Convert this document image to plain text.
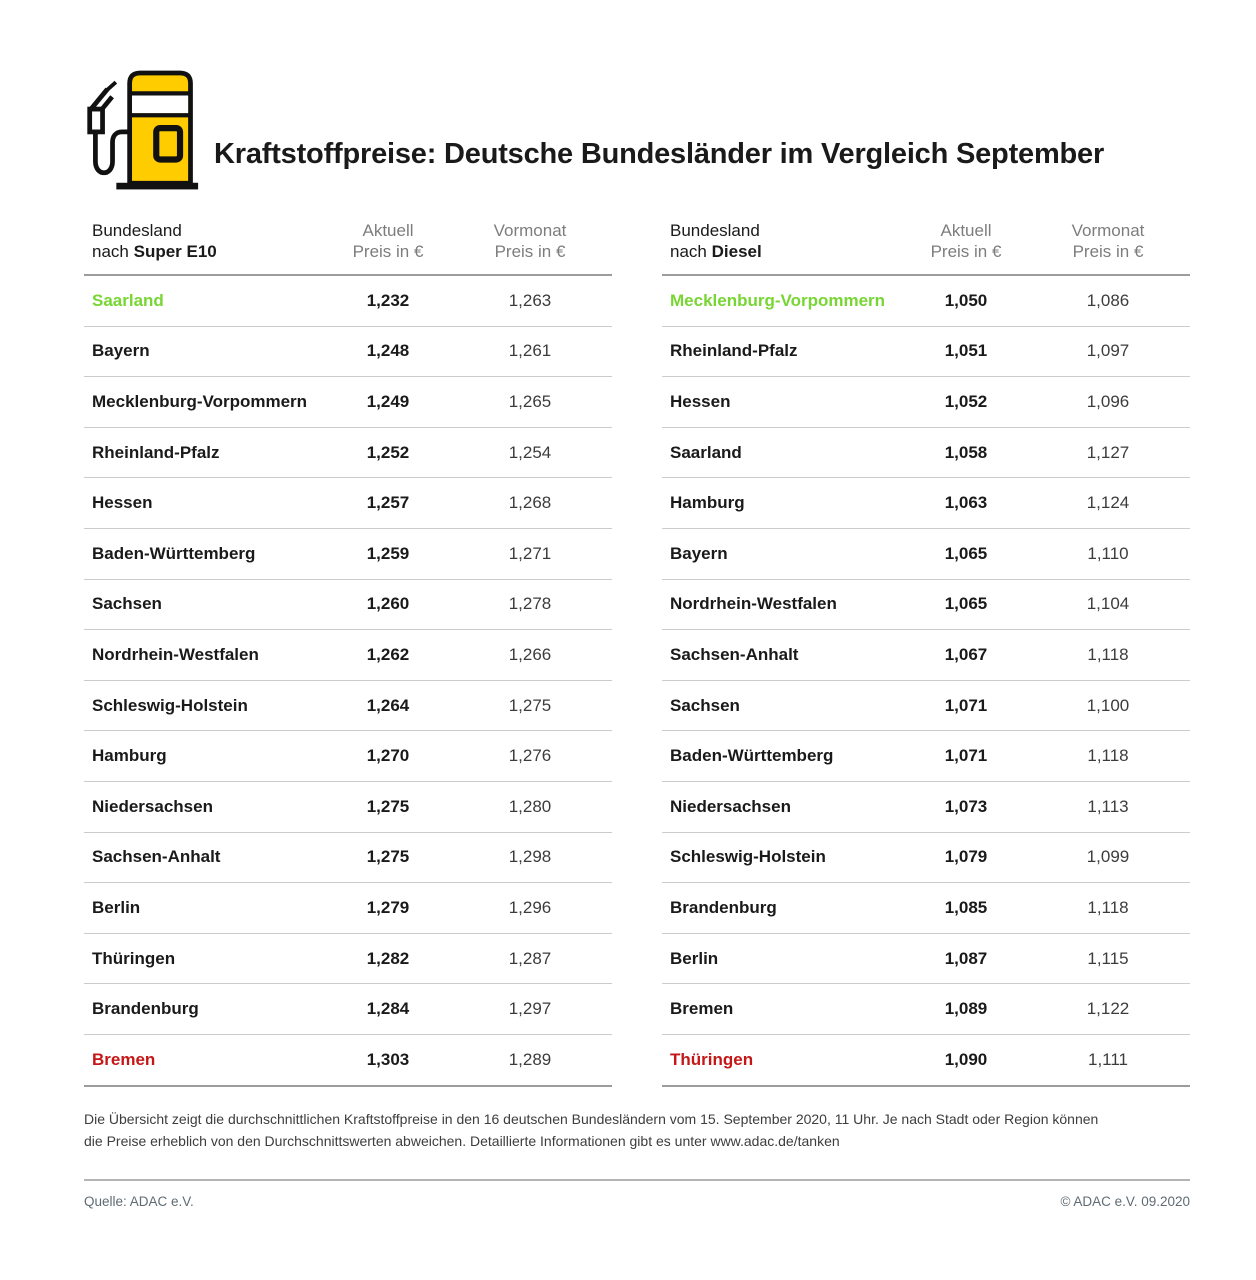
Kraftstoffpreise: Deutsche Bundesländer im Vergleich September
Bundesland
nach Super E10
Aktuell
Preis in €
Vormonat
Preis in €
Saarland	1,232	1,263
Bayern	1,248	1,261
Mecklenburg-Vorpommern	1,249	1,265
Rheinland-Pfalz	1,252	1,254
Hessen	1,257	1,268
Baden-Württemberg	1,259	1,271
Sachsen	1,260	1,278
Nordrhein-Westfalen	1,262	1,266
Schleswig-Holstein	1,264	1,275
Hamburg	1,270	1,276
Niedersachsen	1,275	1,280
Sachsen-Anhalt	1,275	1,298
Berlin	1,279	1,296
Thüringen	1,282	1,287
Brandenburg	1,284	1,297
Bremen	1,303	1,289
Bundesland
nach Diesel
Aktuell
Preis in €
Vormonat
Preis in €
Mecklenburg-Vorpommern	1,050	1,086
Rheinland-Pfalz	1,051	1,097
Hessen	1,052	1,096
Saarland	1,058	1,127
Hamburg	1,063	1,124
Bayern	1,065	1,110
Nordrhein-Westfalen	1,065	1,104
Sachsen-Anhalt	1,067	1,118
Sachsen	1,071	1,100
Baden-Württemberg	1,071	1,118
Niedersachsen	1,073	1,113
Schleswig-Holstein	1,079	1,099
Brandenburg	1,085	1,118
Berlin	1,087	1,115
Bremen	1,089	1,122
Thüringen	1,090	1,111

Die Übersicht zeigt die durchschnittlichen Kraftstoffpreise in den 16 deutschen Bundesländern vom 15. September 2020, 11 Uhr. Je nach Stadt oder Region können die Preise erheblich von den Durchschnittswerten abweichen. Detaillierte Informationen gibt es unter www.adac.de/tanken

Quelle: ADAC e.V.	© ADAC e.V. 09.2020
